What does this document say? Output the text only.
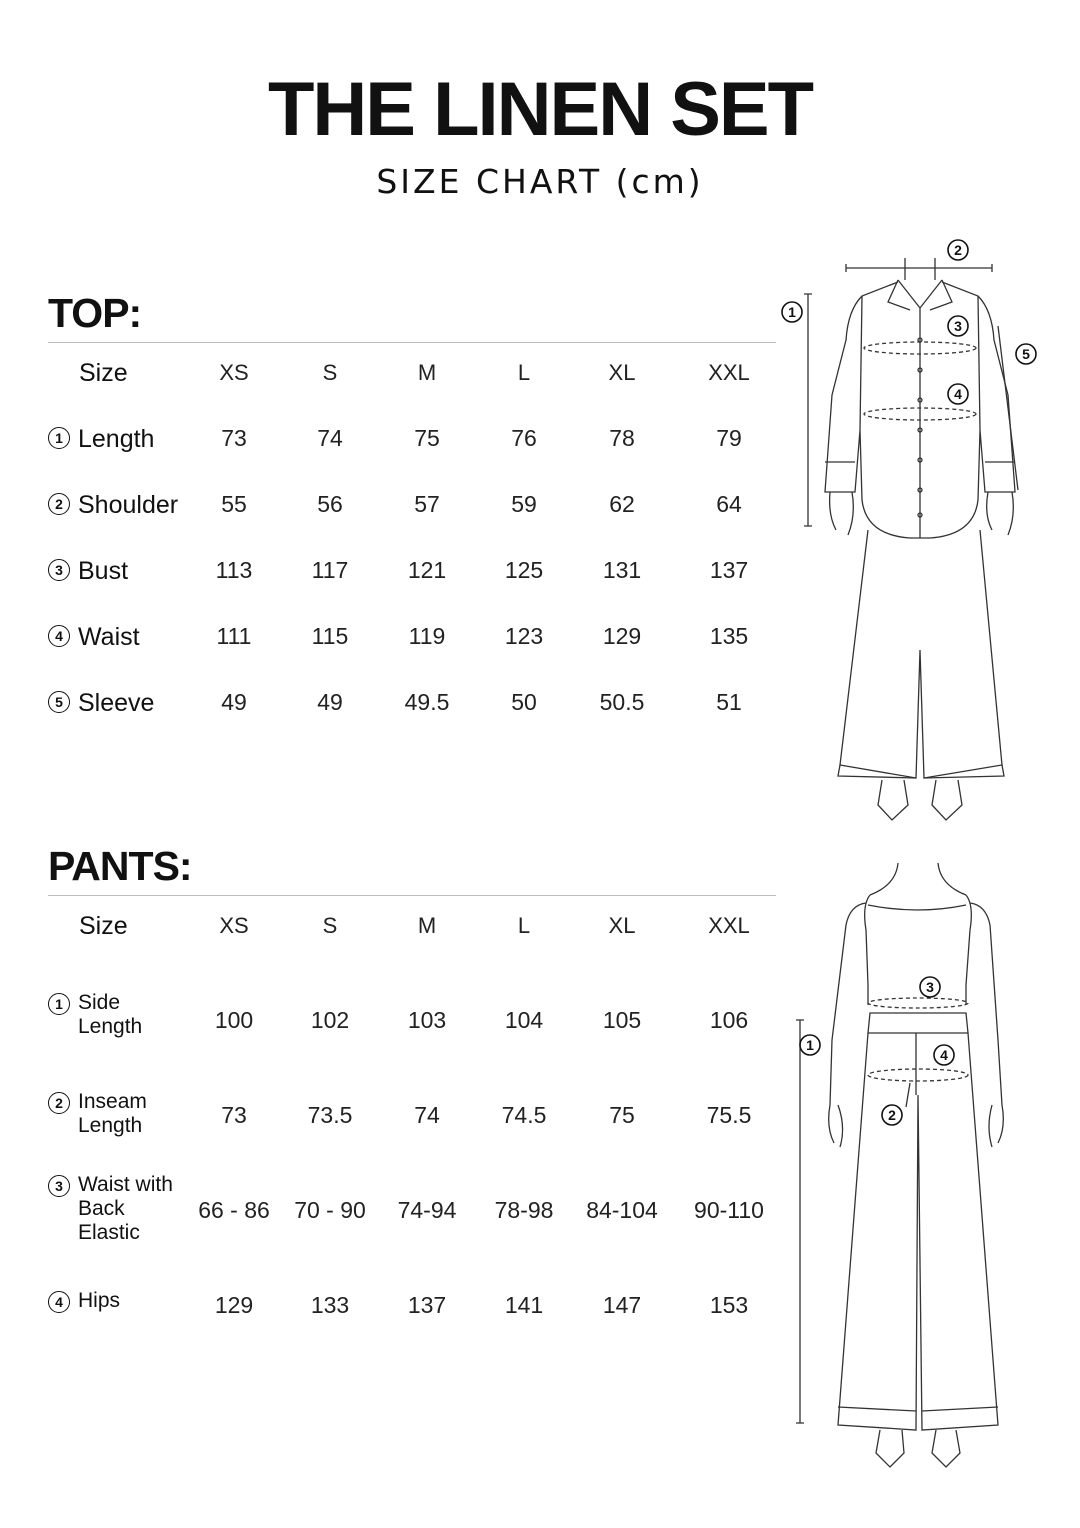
THE LINEN SET
SIZE CHART (cm)
TOP:
Size	XS	S	M	L	XL	XXL
1 Length	73	74	75	76	78	79
2 Shoulder	55	56	57	59	62	64
3 Bust	113	117	121	125	131	137
4 Waist	111	115	119	123	129	135
5 Sleeve	49	49	49.5	50	50.5	51
PANTS:
Size	XS	S	M	L	XL	XXL
1 Side
Length	100	102	103	104	105	106
2 Inseam
Length	73	73.5	74	74.5	75	75.5
3 Waist with
Back
Elastic
66 - 86	70 - 90	74-94	78-98	84-104	90-110
4 Hips	129	133	137	141	147	153
1
2
3
4
5
1
2
3
4
